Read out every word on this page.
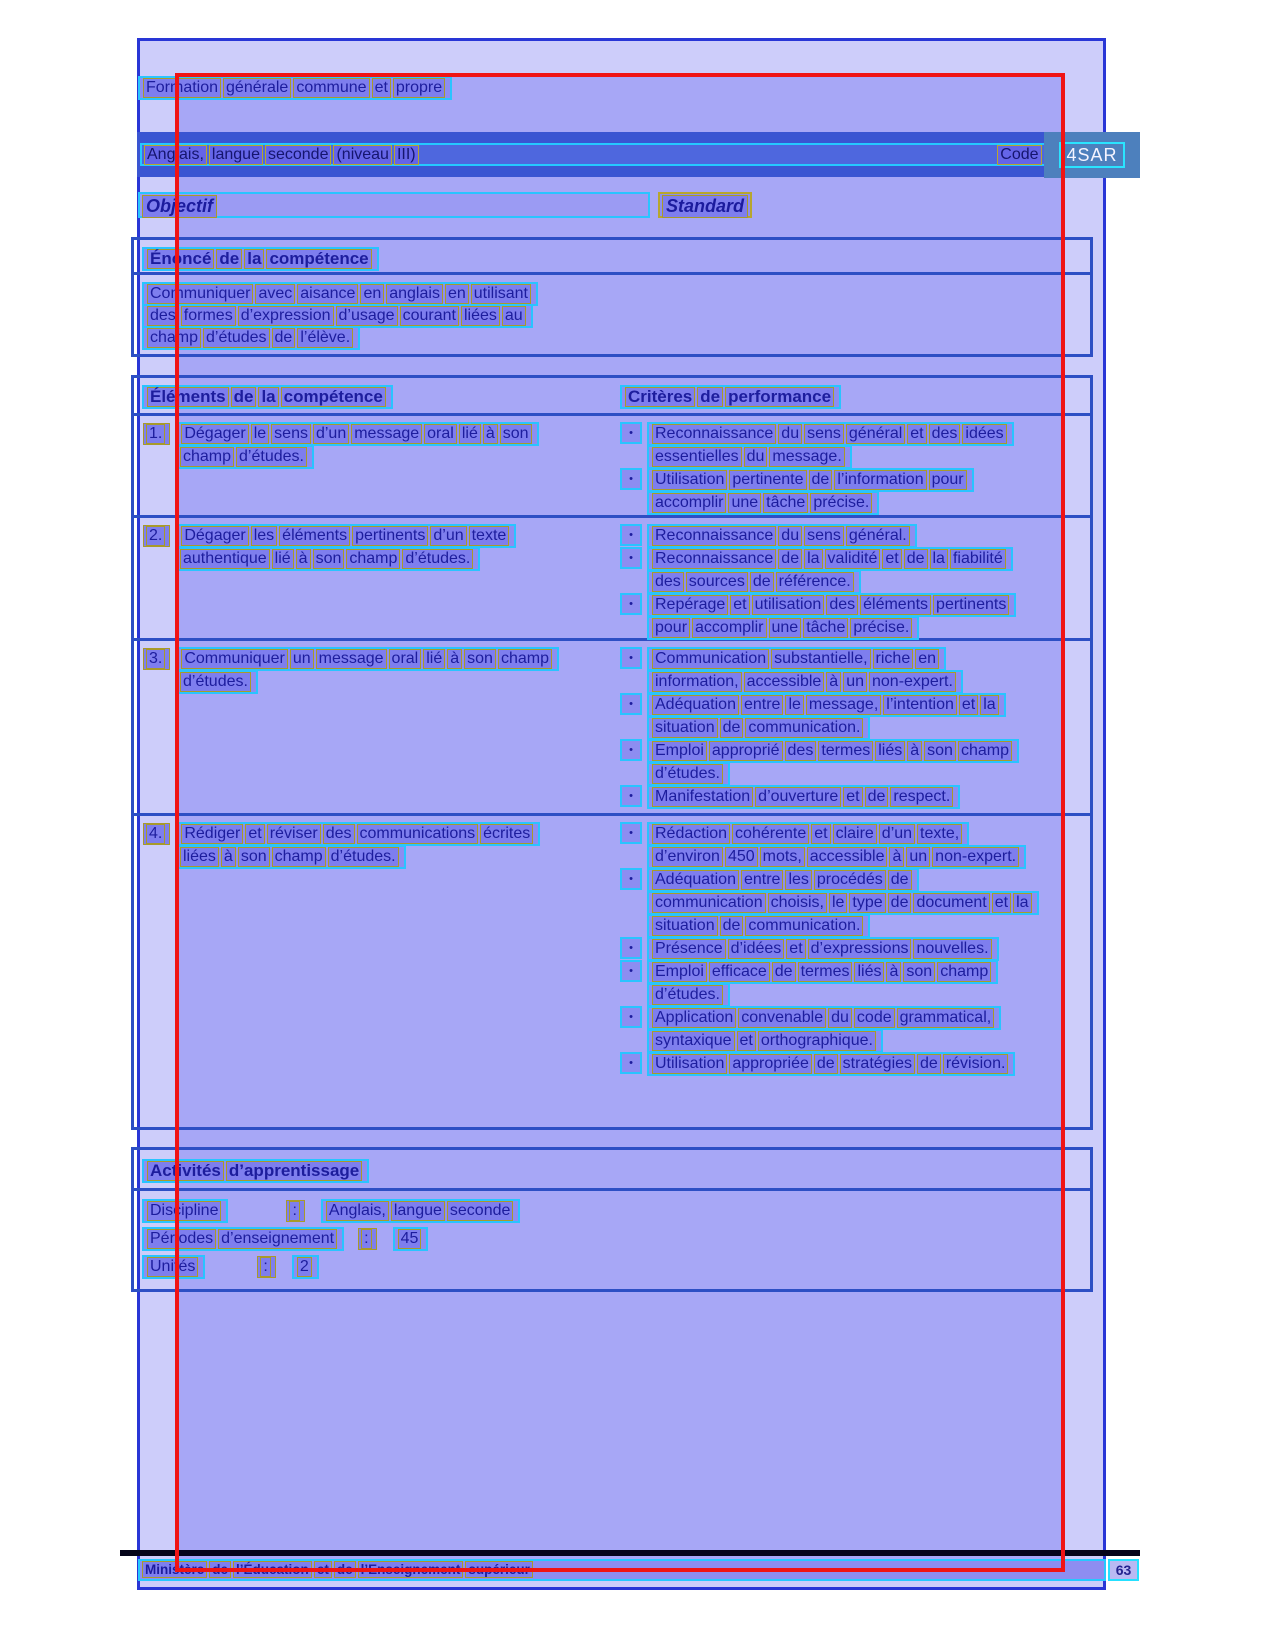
Formation générale commune et propre
Anglais, langue seconde (niveau III)	Code	4SAR
Objectif	Standard
Énoncé de la compétence
Communiquer avec aisance en anglais en utilisant
des formes d’expression d’usage courant liées au
champ d’études de l’élève.
Éléments de la compétence	Critères de performance
1. Dégager le sens d’un message oral lié à son
champ d’études.
• Reconnaissance du sens général et des idées
essentielles du message.
• Utilisation pertinente de l’information pour
accomplir une tâche précise.
2. Dégager les éléments pertinents d’un texte
authentique lié à son champ d’études.
• Reconnaissance du sens général.
• Reconnaissance de la validité et de la fiabilité
des sources de référence.
• Repérage et utilisation des éléments pertinents
pour accomplir une tâche précise.
3. Communiquer un message oral lié à son champ
d’études.
• Communication substantielle, riche en
information, accessible à un non-expert.
• Adéquation entre le message, l’intention et la
situation de communication.
• Emploi approprié des termes liés à son champ
d’études.
• Manifestation d’ouverture et de respect.
4. Rédiger et réviser des communications écrites
liées à son champ d’études.
• Rédaction cohérente et claire d’un texte,
d’environ 450 mots, accessible à un non-expert.
• Adéquation entre les procédés de
communication choisis, le type de document et la
situation de communication.
• Présence d’idées et d’expressions nouvelles.
• Emploi efficace de termes liés à son champ
d’études.
• Application convenable du code grammatical,
syntaxique et orthographique.
• Utilisation appropriée de stratégies de révision.
Activités d’apprentissage
Discipline	: Anglais, langue seconde
Périodes d’enseignement : 45
Unités	: 2
Ministère de l’Éducation et de l’Enseignement supérieur	63
